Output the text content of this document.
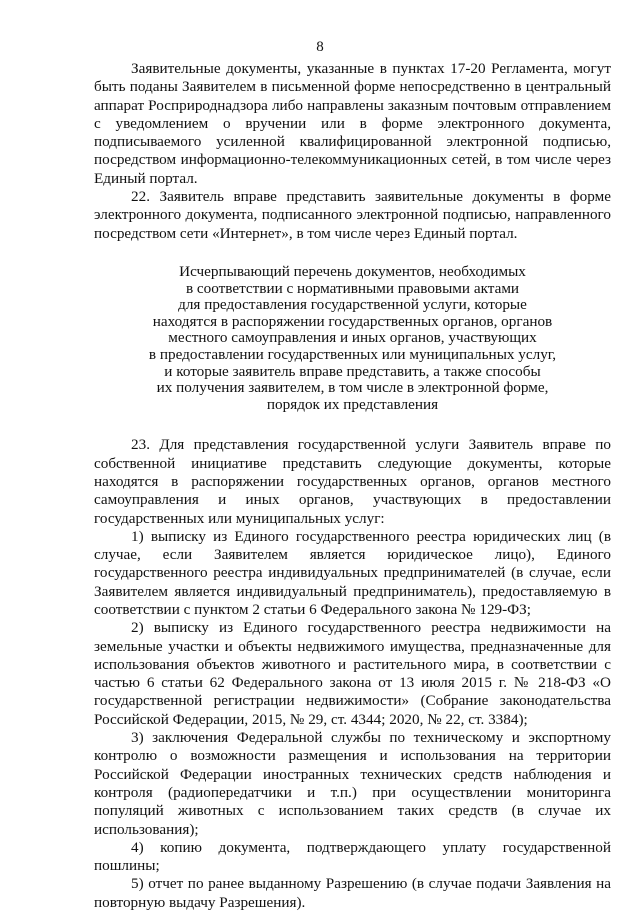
8

Заявительные документы, указанные в пунктах 17-20 Регламента, могут быть поданы Заявителем в письменной форме непосредственно в центральный аппарат Росприроднадзора либо направлены заказным почтовым отправлением с уведомлением о вручении или в форме электронного документа, подписываемого усиленной квалифицированной электронной подписью, посредством информационно-телекоммуникационных сетей, в том числе через Единый портал.

22. Заявитель вправе представить заявительные документы в форме электронного документа, подписанного электронной подписью, направленного посредством сети «Интернет», в том числе через Единый портал.

Исчерпывающий перечень документов, необходимых
в соответствии с нормативными правовыми актами
для предоставления государственной услуги, которые
находятся в распоряжении государственных органов, органов
местного самоуправления и иных органов, участвующих
в предоставлении государственных или муниципальных услуг,
и которые заявитель вправе представить, а также способы
их получения заявителем, в том числе в электронной форме,
порядок их представления

23. Для представления государственной услуги Заявитель вправе по собственной инициативе представить следующие документы, которые находятся в распоряжении государственных органов, органов местного самоуправления и иных органов, участвующих в предоставлении государственных или муниципальных услуг:

1) выписку из Единого государственного реестра юридических лиц (в случае, если Заявителем является юридическое лицо), Единого государственного реестра индивидуальных предпринимателей (в случае, если Заявителем является индивидуальный предприниматель), предоставляемую в соответствии с пунктом 2 статьи 6 Федерального закона № 129-ФЗ;

2) выписку из Единого государственного реестра недвижимости на земельные участки и объекты недвижимого имущества, предназначенные для использования объектов животного и растительного мира, в соответствии с частью 6 статьи 62 Федерального закона от 13 июля 2015 г. № 218-ФЗ «О государственной регистрации недвижимости» (Собрание законодательства Российской Федерации, 2015, № 29, ст. 4344; 2020, № 22, ст. 3384);

3) заключения Федеральной службы по техническому и экспортному контролю о возможности размещения и использования на территории Российской Федерации иностранных технических средств наблюдения и контроля (радиопередатчики и т.п.) при осуществлении мониторинга популяций животных с использованием таких средств (в случае их использования);

4) копию документа, подтверждающего уплату государственной пошлины;

5) отчет по ранее выданному Разрешению (в случае подачи Заявления на повторную выдачу Разрешения).
